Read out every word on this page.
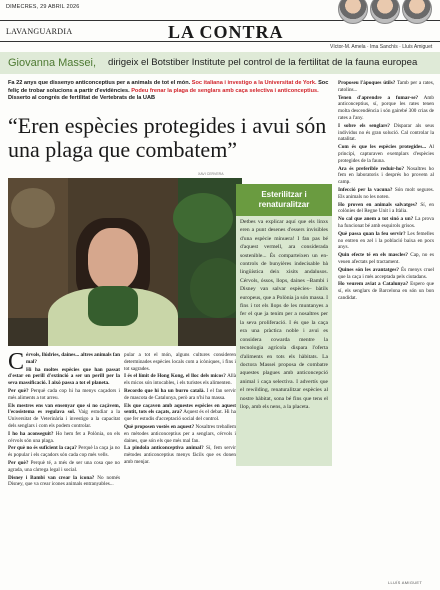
DIMECRES, 29 ABRIL 2026
LAVANGUARDIA	LA CONTRA
Víctor-M. Amela · Ima Sanchís · Lluís Amiguet
Giovanna Massei, dirigeix el Botstiber Institute pel control de la fertilitat de la fauna europea
Fa 22 anys que dissenyo anticonceptius per a animals de tot el món. Soc italiana i investigo a la Universitat de York. Soc feliç de trobar solucions a partir d'evidències. Podeu frenar la plaga de senglars amb caça selectiva i anticonceptius. Disserto al congrés de fertilitat de Vertebrats de la UAB
“Eren espècies protegides i avui són una plaga que combatem”
XAVI CERVERA
Esterilitzar i renaturalitzar
Detbes va explicar aquí que els linxs eren a punt desenes d'essers invisibles d'una espècie mínuera! I fan pas bé d'aquest vermell, ara considerada sostenible... És comparteixen un en-controls de bunyières indecisable bà lingüística deix xisits andalusos. Cérvols, óssos, llops, daines –Bambi i Disney van salvar espècies– bàtils europeus, que a Polònia ja són massa. I fins i tot els llops de les muntanyes a fer el que ja tenim per a nosaltres per la seva proliferació. I és que la caça era una pràctica noble i avui es considera cowarda mentre la tecnologia agrícola dispara l'oferta d'aliments en tots els hàbitats. La doctora Massei proposa de combatre aquestes plagues amb anticoncepció animal i caça selectiva. I advertís que el rewilding, renaturalitzar espècies al nostre hàbitat, sona bé fins que tens el llop, amb els nens, a la placeta.
C érvols, llúdries, daines... altres animals fan mal?

Hi ha moltes espècies que han passat d'estar en perill d'extinció a ser un perill per la seva massificació. I això passa a tot el planeta.

Per què? Perquè cada cop hi ha menys caçadors i més aliments a tot arreu.

Els mestres ens van ensenyar que si no caçàvem, l'ecosistema es regulava sol. Vaig estudiar a la Universitat de Veterinària i investigo a la capacitat dels senglars i com els podem controlar.

I ho ha aconseguit? Ho hem fet a Polònia, on els cérvols són una plaga.

Per què no és suficient la caça? Perquè la caça ja no és popular i els caçadors són cada cop més vells.

Per què? Perquè té, a més de ser una cosa que no agrada, una càrrega legal i social.

Disney i Bambi van crear la icona? No només Disney, que va crear icones animals entranyables...

pular a tot el món, alguns cultures consideren determinades espècies locals com a icòniques, i fins i tot sagrades.

I és el límit de Hong Kong, el lloc dels micos? Allà els micos són intocables, i els turistes els alimenten.

Recordo que hi ha un burro català. I el fan servir de mascota de Catalunya, però ara n'hi ha massa.

Els que caçaven amb aquestes espècies en aquest sentit, tots els caçats, ara? Aquest és el debat. Hi ha que fer estudis d'acceptació social del control.

Què proposen vostès en aquest? Nosaltres treballem en mètodes anticonceptius per a senglars, cérvols i daines, que són els que més mal fan.

La pindola anticonceptiva animal? Sí, fem servir mètodes anticonceptius menys fàcils que es donen amb menjar.

Proposeu l'àpoques útils? Tamb per a rates, ratolins...

Tenen d'aprendre a fumar-se? Amb anticonceptius, sí, porque les rates tenen molta descendència i són gairebé 300 crias de rates a l'any.

I sobre els senglars? Disparar als seus individus no és gran solució. Cal controlar la natalitat.

Com és que les espècies protegides... Al principi, capturaven exemplars d'espècies protegides de la fauna.

Ara és preferible reduir-ho? Nosaltres ho fem en laboratoris i després ho provem al camp.

Infecció per la vacuna? Són molt segures. Els animals no les noten.

Ho proven en animals salvatges? Sí, en colònies del Regne Unit i a Itàlia.

No cal que anem a tot sinó a un? La prova ha funcionat bé amb esquirols grisos.

Què passa quan la feu servir? Les femelles no entren en zel i la població baixa en pocs anys.

Quin efecte té en els mascles? Cap, no es veuen afectats pel tractament.

Quines són les avantatges? És menys cruel que la caça i més acceptada pels ciutadans.

Ho veurem aviat a Catalunya? Espero que sí, els senglars de Barcelona en són un bon candidat.

LLUÍS AMIGUET
